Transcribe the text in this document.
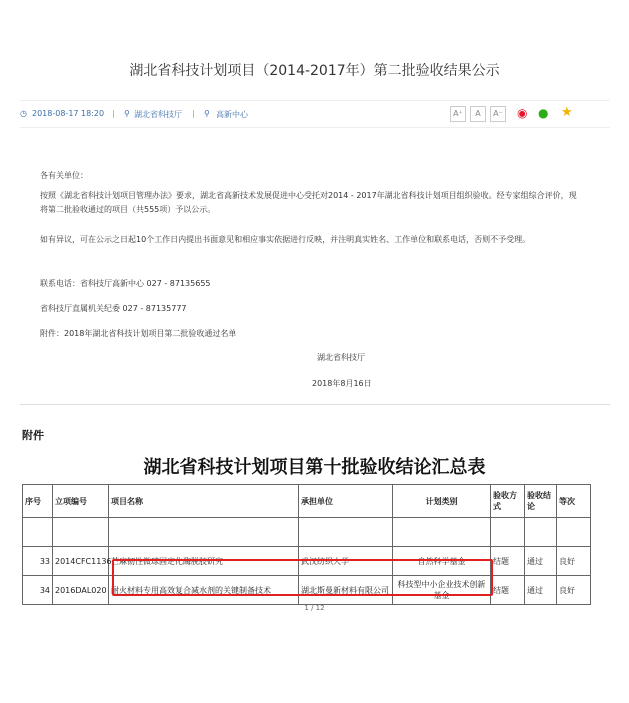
湖北省科技计划项目（2014-2017年）第二批验收结果公示
◷ 2018-08-17 18:20 | ⚲ 湖北省科技厅 | ⚲ 高新中心	A⁺	A	A⁻ ◉ ● ★
各有关单位：
按照《湖北省科技计划项目管理办法》要求，湖北省高新技术发展促进中心受托对2014 - 2017年湖北省科技计划项目组织验收。经专家组综合评价，现将第二批验收通过的项目（共555项）予以公示。
如有异议，可在公示之日起10个工作日内提出书面意见和相应事实依据进行反映，并注明真实姓名、工作单位和联系电话，否则不予受理。
联系电话：省科技厅高新中心 027 - 87135655
省科技厅直属机关纪委 027 - 87135777
附件：2018年湖北省科技计划项目第二批验收通过名单
湖北省科技厅
2018年8月16日
附件
湖北省科技计划项目第十批验收结论汇总表
序号	立项编号	项目名称	承担单位	计划类别	验收方式	验收结论	等次

33	2014CFC1136	苎麻韧性微球固定化酶脱胶研究	武汉纺织大学	自然科学基金	结题	通过	良好
34	2016DAL020	耐火材料专用高效复合减水剂的关键制备技术	湖北斯曼新材料有限公司	科技型中小企业技术创新基金	结题	通过	良好
1 / 12
